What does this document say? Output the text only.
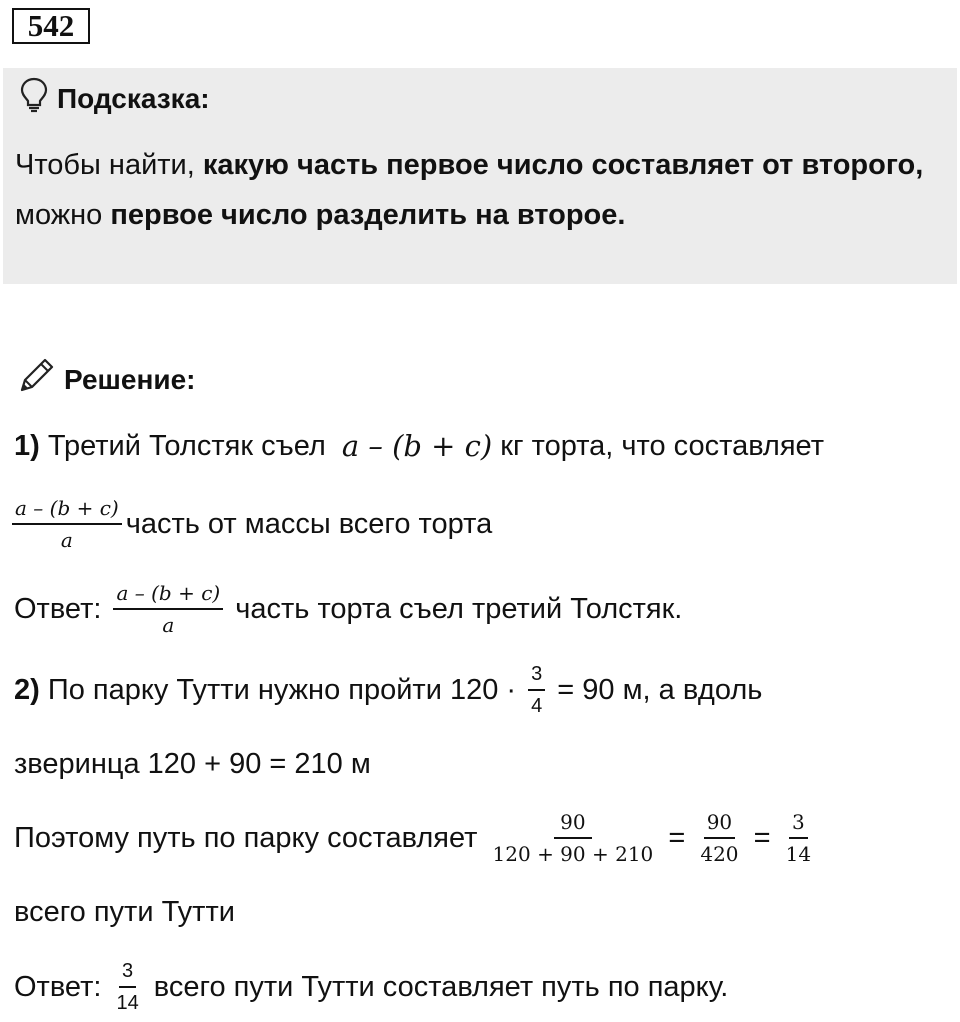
542
Подсказка:
Чтобы найти, какую часть первое число составляет от второго, можно первое число разделить на второе.
Решение:
1) Третий Толстяк съел a – (b + c) кг торта, что составляет
$\frac{a - (b + c)}{a}$ часть от массы всего торта
Ответ: $\frac{a - (b + c)}{a}$ часть торта съел третий Толстяк.
2) По парку Тутти нужно пройти $120 \cdot \frac{3}{4} = 90$ м, а вдоль
зверинца 120 + 90 = 210 м
Поэтому путь по парку составляет $\frac{90}{120 + 90 + 210} = \frac{90}{420} = \frac{3}{14}$
всего пути Тутти
Ответ: $\frac{3}{14}$ всего пути Тутти составляет путь по парку.
